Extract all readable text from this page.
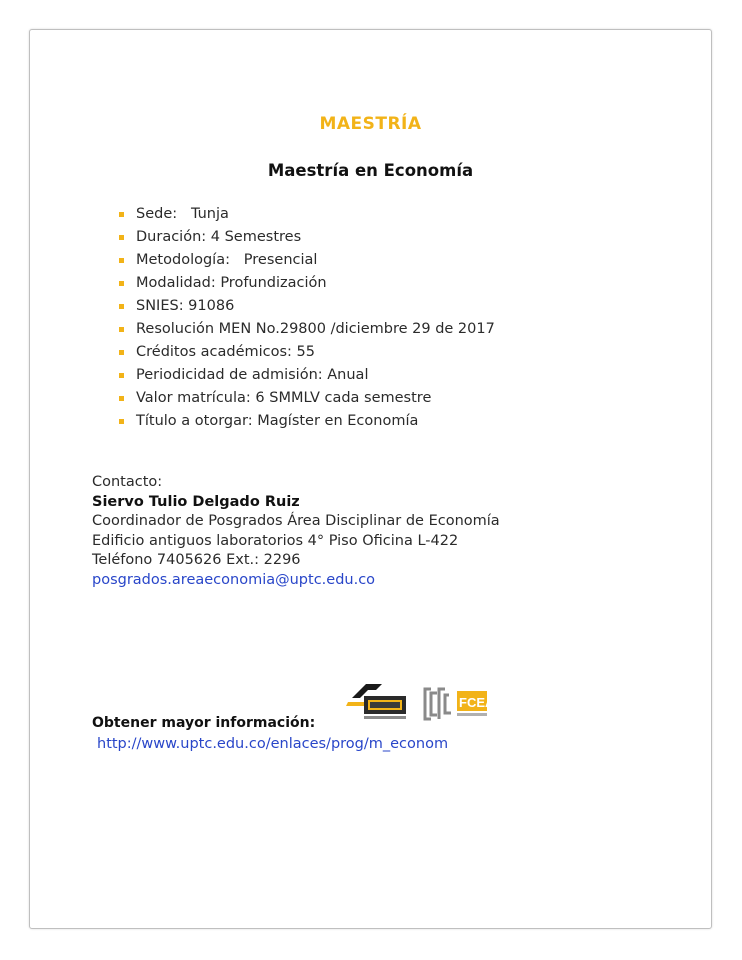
MAESTRÍA
Maestría en Economía
Sede:   Tunja
Duración: 4 Semestres
Metodología:   Presencial
Modalidad: Profundización
SNIES: 91086
Resolución MEN No.29800 /diciembre 29 de 2017
Créditos académicos: 55
Periodicidad de admisión: Anual
Valor matrícula: 6 SMMLV cada semestre
Título a otorgar: Magíster en Economía
Contacto:
Siervo Tulio Delgado Ruiz
Coordinador de Posgrados Área Disciplinar de Economía
Edificio antiguos laboratorios 4° Piso Oficina L-422
Teléfono 7405626 Ext.: 2296
posgrados.areaeconomia@uptc.edu.co
FCEA
Obtener mayor información:
http://www.uptc.edu.co/enlaces/prog/m_econom
